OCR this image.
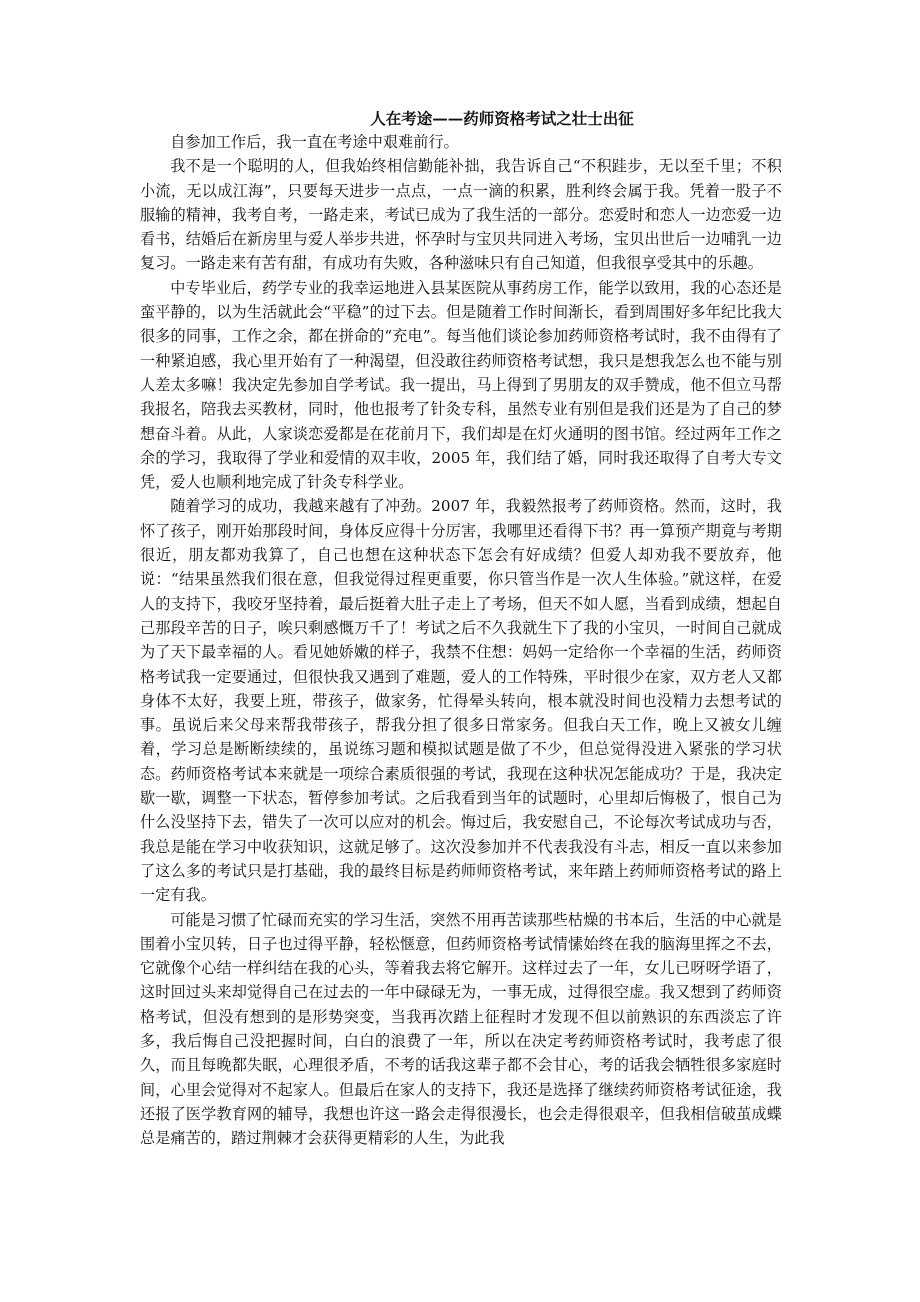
人在考途——药师资格考试之壮士出征

自参加工作后，我一直在考途中艰难前行。

我不是一个聪明的人，但我始终相信勤能补拙，我告诉自己“不积跬步，无以至千里；不积小流，无以成江海”，只要每天进步一点点，一点一滴的积累，胜利终会属于我。凭着一股子不服输的精神，我考自考，一路走来，考试已成为了我生活的一部分。恋爱时和恋人一边恋爱一边看书，结婚后在新房里与爱人举步共进，怀孕时与宝贝共同进入考场，宝贝出世后一边哺乳一边复习。一路走来有苦有甜，有成功有失败，各种滋味只有自己知道，但我很享受其中的乐趣。

中专毕业后，药学专业的我幸运地进入县某医院从事药房工作，能学以致用，我的心态还是蛮平静的，以为生活就此会“平稳”的过下去。但是随着工作时间渐长，看到周围好多年纪比我大很多的同事，工作之余，都在拼命的“充电”。每当他们谈论参加药师资格考试时，我不由得有了一种紧迫感，我心里开始有了一种渴望，但没敢往药师资格考试想，我只是想我怎么也不能与别人差太多嘛！我决定先参加自学考试。我一提出，马上得到了男朋友的双手赞成，他不但立马帮我报名，陪我去买教材，同时，他也报考了针灸专科，虽然专业有别但是我们还是为了自己的梦想奋斗着。从此，人家谈恋爱都是在花前月下，我们却是在灯火通明的图书馆。经过两年工作之余的学习，我取得了学业和爱情的双丰收，2005 年，我们结了婚，同时我还取得了自考大专文凭，爱人也顺利地完成了针灸专科学业。

随着学习的成功，我越来越有了冲劲。2007 年，我毅然报考了药师资格。然而，这时，我怀了孩子，刚开始那段时间，身体反应得十分厉害，我哪里还看得下书？再一算预产期竟与考期很近，朋友都劝我算了，自己也想在这种状态下怎会有好成绩？但爱人却劝我不要放弃，他说：“结果虽然我们很在意，但我觉得过程更重要，你只管当作是一次人生体验。”就这样，在爱人的支持下，我咬牙坚持着，最后挺着大肚子走上了考场，但天不如人愿，当看到成绩，想起自己那段辛苦的日子，唉只剩感慨万千了！考试之后不久我就生下了我的小宝贝，一时间自己就成为了天下最幸福的人。看见她娇嫩的样子，我禁不住想：妈妈一定给你一个幸福的生活，药师资格考试我一定要通过，但很快我又遇到了难题，爱人的工作特殊，平时很少在家，双方老人又都身体不太好，我要上班，带孩子，做家务，忙得晕头转向，根本就没时间也没精力去想考试的事。虽说后来父母来帮我带孩子，帮我分担了很多日常家务。但我白天工作，晚上又被女儿缠着，学习总是断断续续的，虽说练习题和模拟试题是做了不少，但总觉得没进入紧张的学习状态。药师资格考试本来就是一项综合素质很强的考试，我现在这种状况怎能成功？于是，我决定歇一歇，调整一下状态，暂停参加考试。之后我看到当年的试题时，心里却后悔极了，恨自己为什么没坚持下去，错失了一次可以应对的机会。悔过后，我安慰自己，不论每次考试成功与否，我总是能在学习中收获知识，这就足够了。这次没参加并不代表我没有斗志，相反一直以来参加了这么多的考试只是打基础，我的最终目标是药师师资格考试，来年踏上药师师资格考试的路上一定有我。

可能是习惯了忙碌而充实的学习生活，突然不用再苦读那些枯燥的书本后，生活的中心就是围着小宝贝转，日子也过得平静，轻松惬意，但药师资格考试情愫始终在我的脑海里挥之不去，它就像个心结一样纠结在我的心头，等着我去将它解开。这样过去了一年，女儿已呀呀学语了，这时回过头来却觉得自己在过去的一年中碌碌无为，一事无成，过得很空虚。我又想到了药师资格考试，但没有想到的是形势突变，当我再次踏上征程时才发现不但以前熟识的东西淡忘了许多，我后悔自己没把握时间，白白的浪费了一年，所以在决定考药师资格考试时，我考虑了很久，而且每晚都失眠，心理很矛盾，不考的话我这辈子都不会甘心，考的话我会牺牲很多家庭时间，心里会觉得对不起家人。但最后在家人的支持下，我还是选择了继续药师资格考试征途，我还报了医学教育网的辅导，我想也许这一路会走得很漫长，也会走得很艰辛，但我相信破茧成蝶总是痛苦的，踏过荆棘才会获得更精彩的人生，为此我
